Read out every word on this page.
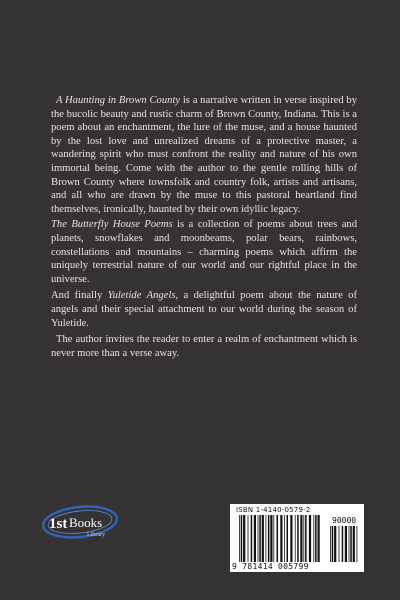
A Haunting in Brown County is a narrative written in verse inspired by the bucolic beauty and rustic charm of Brown County, Indiana. This is a poem about an enchantment, the lure of the muse, and a house haunted by the lost love and unrealized dreams of a protective master, a wandering spirit who must confront the reality and nature of his own immortal being. Come with the author to the gentle rolling hills of Brown County where townsfolk and country folk, artists and artisans, and all who are drawn by the muse to this pastoral heartland find themselves, ironically, haunted by their own idyllic legacy.

The Butterfly House Poems is a collection of poems about trees and planets, snowflakes and moonbeams, polar bears, rainbows, constellations and mountains – charming poems which affirm the uniquely terrestrial nature of our world and our rightful place in the universe.

And finally Yuletide Angels, a delightful poem about the nature of angels and their special attachment to our world during the season of Yuletide.

The author invites the reader to enter a realm of enchantment which is never more than a verse away.

1st Books
Library
ISBN 1-4140-0579-2
90000
9 781414 005799
